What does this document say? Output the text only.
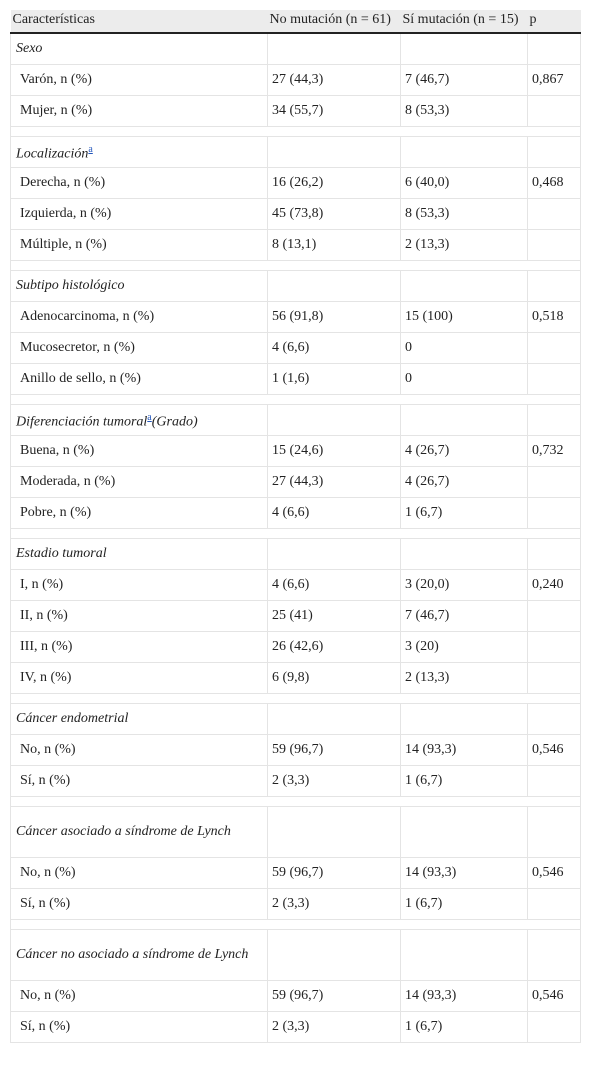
Características	No mutación (n = 61)	Sí mutación (n = 15)	p
Sexo			
Varón, n (%)	27 (44,3)	7 (46,7)	0,867
Mujer, n (%)	34 (55,7)	8 (53,3)	

Localización$^a$			
Derecha, n (%)	16 (26,2)	6 (40,0)	0,468
Izquierda, n (%)	45 (73,8)	8 (53,3)	
Múltiple, n (%)	8 (13,1)	2 (13,3)	

Subtipo histológico			
Adenocarcinoma, n (%)	56 (91,8)	15 (100)	0,518
Mucosecretor, n (%)	4 (6,6)	0	
Anillo de sello, n (%)	1 (1,6)	0	

Diferenciación tumoral$^a$(Grado)			
Buena, n (%)	15 (24,6)	4 (26,7)	0,732
Moderada, n (%)	27 (44,3)	4 (26,7)	
Pobre, n (%)	4 (6,6)	1 (6,7)	

Estadio tumoral			
I, n (%)	4 (6,6)	3 (20,0)	0,240
II, n (%)	25 (41)	7 (46,7)	
III, n (%)	26 (42,6)	3 (20)	
IV, n (%)	6 (9,8)	2 (13,3)	

Cáncer endometrial			
No, n (%)	59 (96,7)	14 (93,3)	0,546
Sí, n (%)	2 (3,3)	1 (6,7)	

Cáncer asociado a síndrome de Lynch			
No, n (%)	59 (96,7)	14 (93,3)	0,546
Sí, n (%)	2 (3,3)	1 (6,7)	

Cáncer no asociado a síndrome de Lynch			
No, n (%)	59 (96,7)	14 (93,3)	0,546
Sí, n (%)	2 (3,3)	1 (6,7)	
